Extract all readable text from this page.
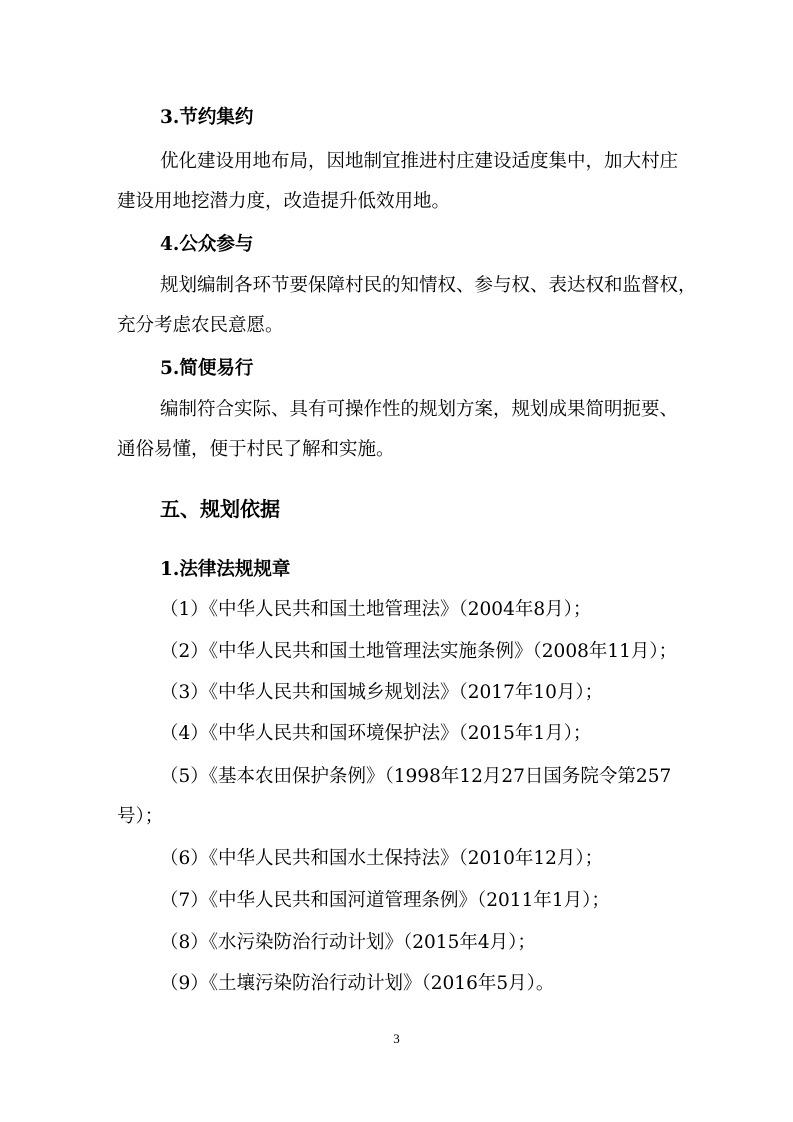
3.节约集约
优化建设用地布局，因地制宜推进村庄建设适度集中，加大村庄
建设用地挖潜力度，改造提升低效用地。
4.公众参与
规划编制各环节要保障村民的知情权、参与权、表达权和监督权，
充分考虑农民意愿。
5.简便易行
编制符合实际、具有可操作性的规划方案，规划成果简明扼要、
通俗易懂，便于村民了解和实施。
五、规划依据
1.法律法规规章
（1）《中华人民共和国土地管理法》（2004年8月）；
（2）《中华人民共和国土地管理法实施条例》（2008年11月）；
（3）《中华人民共和国城乡规划法》（2017年10月）；
（4）《中华人民共和国环境保护法》（2015年1月）；
（5）《基本农田保护条例》（1998年12月27日国务院令第257
号）；
（6）《中华人民共和国水土保持法》（2010年12月）；
（7）《中华人民共和国河道管理条例》（2011年1月）；
（8）《水污染防治行动计划》（2015年4月）；
（9）《土壤污染防治行动计划》（2016年5月）。
3
